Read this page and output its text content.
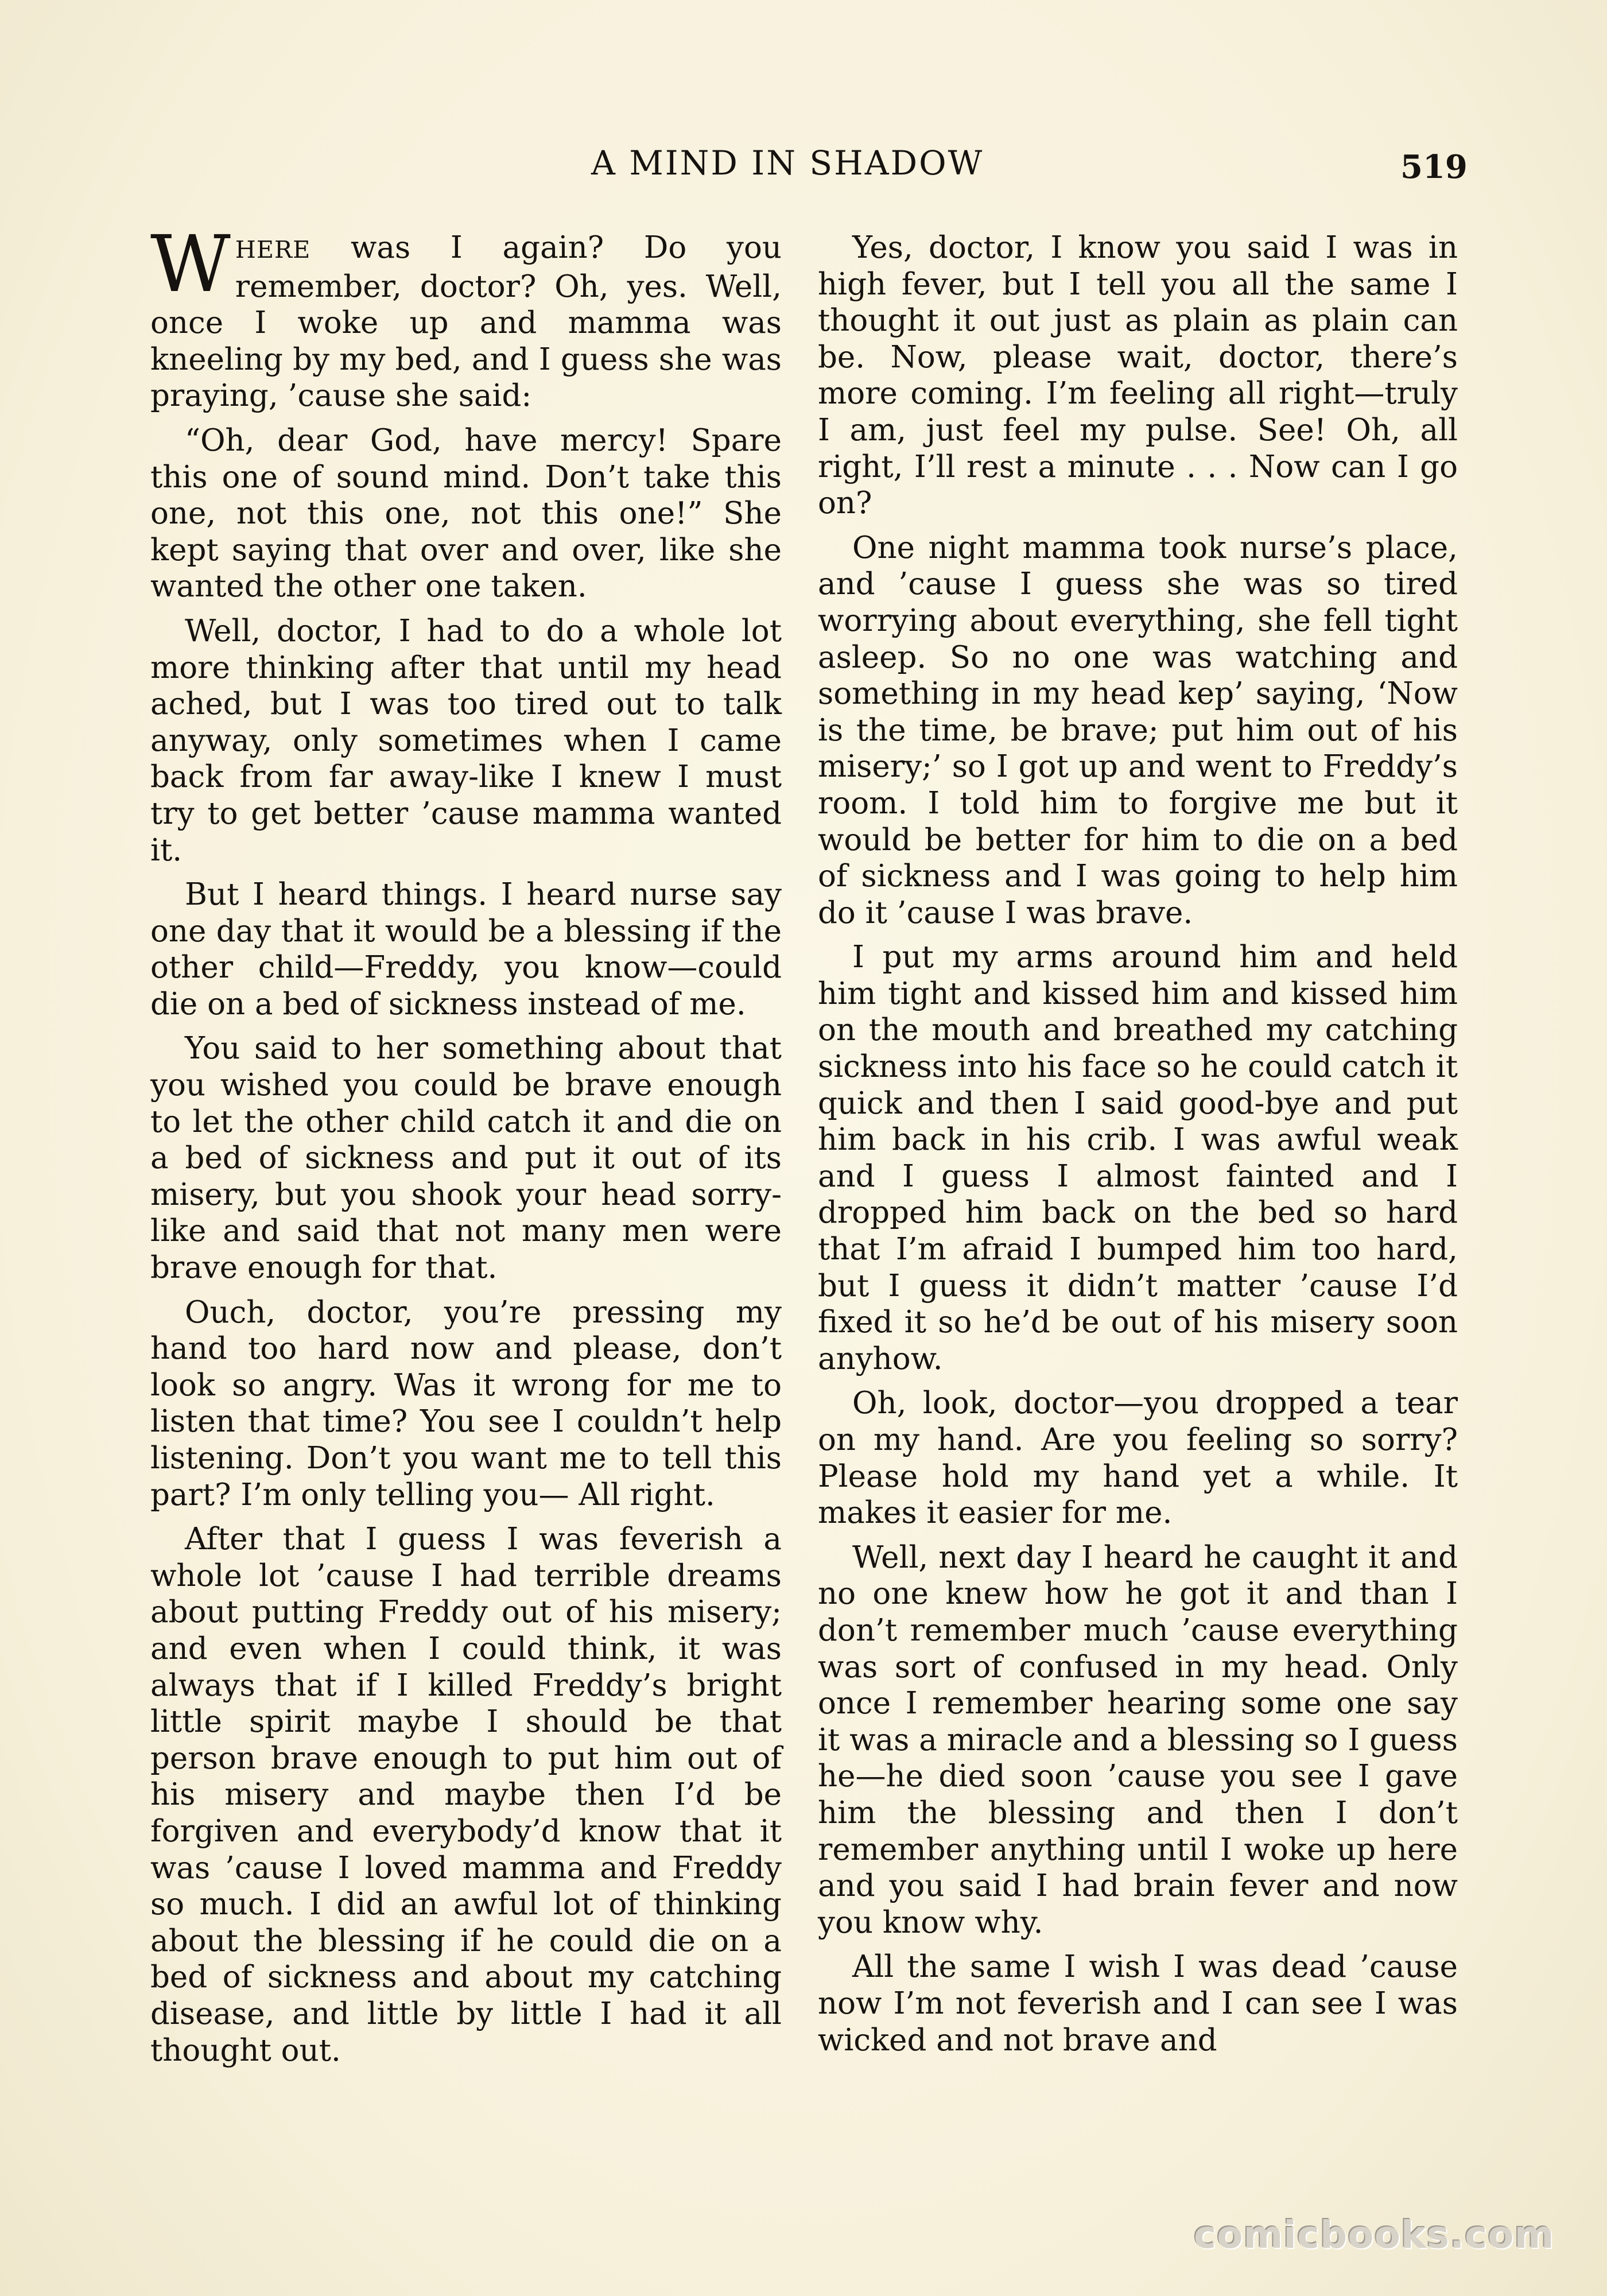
A MIND IN SHADOW	519

WHERE was I again? Do you remember, doctor? Oh, yes. Well, once I woke up and mamma was kneeling by my bed, and I guess she was praying, ’cause she said:

“Oh, dear God, have mercy! Spare this one of sound mind. Don’t take this one, not this one, not this one!” She kept saying that over and over, like she wanted the other one taken.

Well, doctor, I had to do a whole lot more thinking after that until my head ached, but I was too tired out to talk anyway, only sometimes when I came back from far away-like I knew I must try to get better ’cause mamma wanted it.

But I heard things. I heard nurse say one day that it would be a blessing if the other child—Freddy, you know—could die on a bed of sickness instead of me.

You said to her something about that you wished you could be brave enough to let the other child catch it and die on a bed of sickness and put it out of its misery, but you shook your head sorry-like and said that not many men were brave enough for that.

Ouch, doctor, you’re pressing my hand too hard now and please, don’t look so angry. Was it wrong for me to listen that time? You see I couldn’t help listening. Don’t you want me to tell this part? I’m only telling you— All right.

After that I guess I was feverish a whole lot ’cause I had terrible dreams about putting Freddy out of his misery; and even when I could think, it was always that if I killed Freddy’s bright little spirit maybe I should be that person brave enough to put him out of his misery and maybe then I’d be forgiven and everybody’d know that it was ’cause I loved mamma and Freddy so much. I did an awful lot of thinking about the blessing if he could die on a bed of sickness and about my catching disease, and little by little I had it all thought out.

Yes, doctor, I know you said I was in high fever, but I tell you all the same I thought it out just as plain as plain can be. Now, please wait, doctor, there’s more coming. I’m feeling all right—truly I am, just feel my pulse. See! Oh, all right, I’ll rest a minute . . . Now can I go on?

One night mamma took nurse’s place, and ’cause I guess she was so tired worrying about everything, she fell tight asleep. So no one was watching and something in my head kep’ saying, ‘Now is the time, be brave; put him out of his misery;’ so I got up and went to Freddy’s room. I told him to forgive me but it would be better for him to die on a bed of sickness and I was going to help him do it ’cause I was brave.

I put my arms around him and held him tight and kissed him and kissed him on the mouth and breathed my catching sickness into his face so he could catch it quick and then I said good-bye and put him back in his crib. I was awful weak and I guess I almost fainted and I dropped him back on the bed so hard that I’m afraid I bumped him too hard, but I guess it didn’t matter ’cause I’d fixed it so he’d be out of his misery soon anyhow.

Oh, look, doctor—you dropped a tear on my hand. Are you feeling so sorry? Please hold my hand yet a while. It makes it easier for me.

Well, next day I heard he caught it and no one knew how he got it and than I don’t remember much ’cause everything was sort of confused in my head. Only once I remember hearing some one say it was a miracle and a blessing so I guess he—he died soon ’cause you see I gave him the blessing and then I don’t remember anything until I woke up here and you said I had brain fever and now you know why.

All the same I wish I was dead ’cause now I’m not feverish and I can see I was wicked and not brave and

comicbooks.com
